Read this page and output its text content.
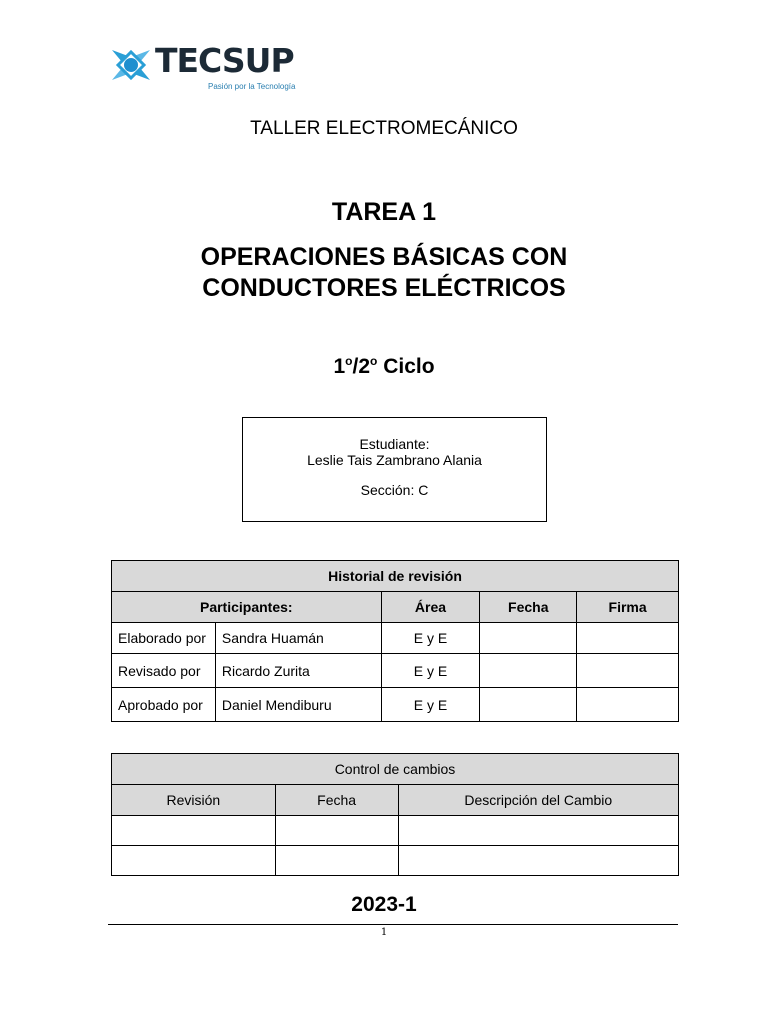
TECSUP
Pasión por la Tecnología
TALLER ELECTROMECÁNICO
TAREA 1
OPERACIONES BÁSICAS CON
CONDUCTORES ELÉCTRICOS
1$^o$/2$^o$ Ciclo
Estudiante:
Leslie Tais Zambrano Alania
Sección: C
Historial de revisión				
Participantes:		Área	Fecha	Firma
Elaborado por	Sandra Huamán	E y E		
Revisado por	Ricardo Zurita	E y E		
Aprobado por	Daniel Mendiburu	E y E		
Control de cambios		
Revisión	Fecha	Descripción del Cambio

2023-1
1
